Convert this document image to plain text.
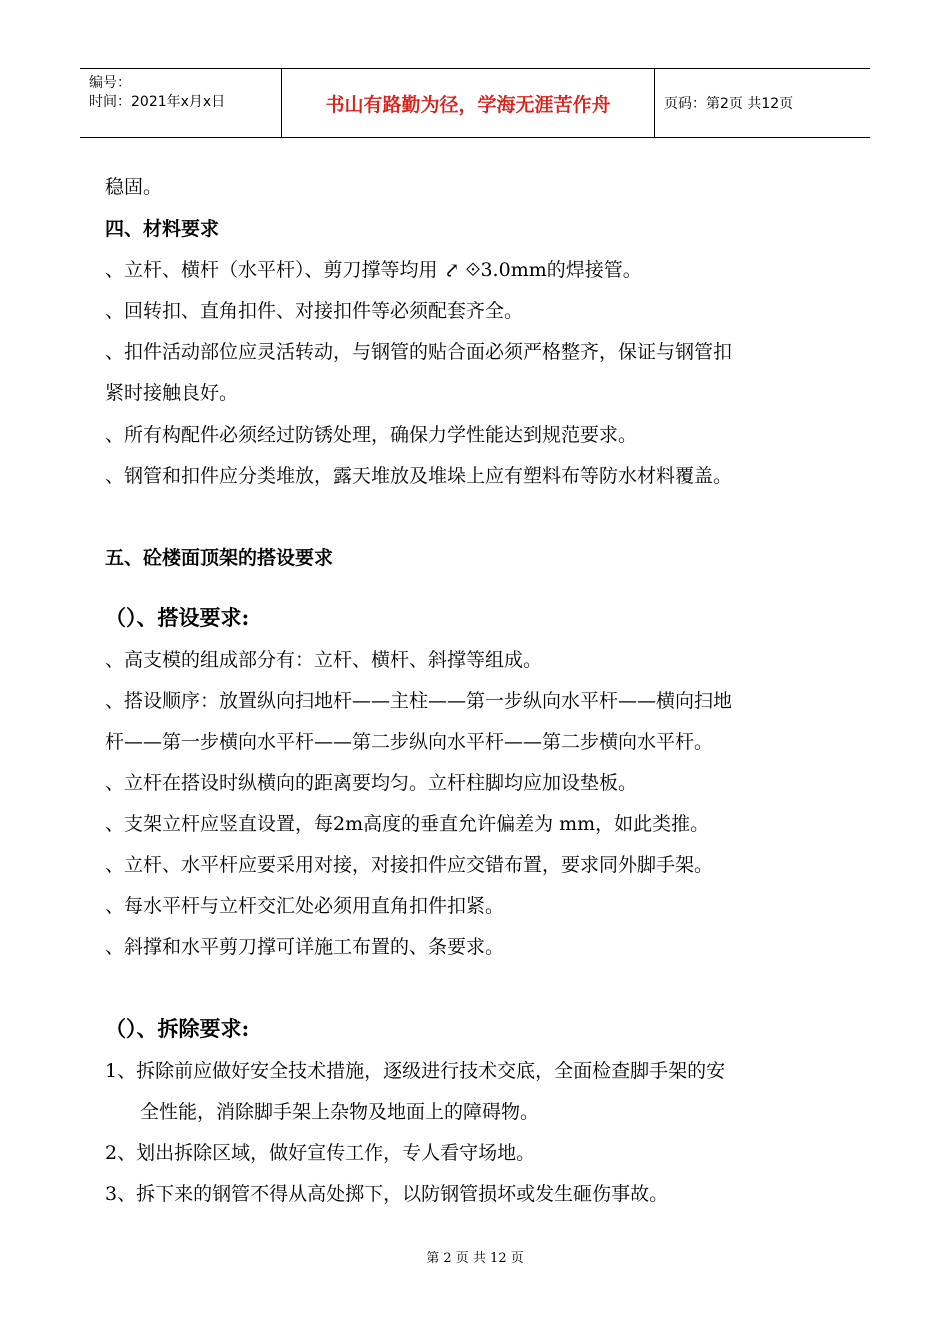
编号：
时间：2021年x月x日	书山有路勤为径，学海无涯苦作舟	页码：第2页 共12页
稳固。
四、材料要求
、立杆、横杆（水平杆）、剪刀撑等均用 ⤤ ⟐3.0mm的焊接管。
、回转扣、直角扣件、对接扣件等必须配套齐全。
、扣件活动部位应灵活转动，与钢管的贴合面必须严格整齐，保证与钢管扣
紧时接触良好。
、所有构配件必须经过防锈处理，确保力学性能达到规范要求。
、钢管和扣件应分类堆放，露天堆放及堆垛上应有塑料布等防水材料覆盖。
五、砼楼面顶架的搭设要求
（）、搭设要求:
、高支模的组成部分有：立杆、横杆、斜撑等组成。
、搭设顺序：放置纵向扫地杆——主柱——第一步纵向水平杆——横向扫地
杆——第一步横向水平杆——第二步纵向水平杆——第二步横向水平杆。
、立杆在搭设时纵横向的距离要均匀。立杆柱脚均应加设垫板。
、支架立杆应竖直设置，每2m高度的垂直允许偏差为 mm，如此类推。
、立杆、水平杆应要采用对接，对接扣件应交错布置，要求同外脚手架。
、每水平杆与立杆交汇处必须用直角扣件扣紧。
、斜撑和水平剪刀撑可详施工布置的、条要求。
（）、拆除要求:
1、拆除前应做好安全技术措施，逐级进行技术交底，全面检查脚手架的安
全性能，消除脚手架上杂物及地面上的障碍物。
2、划出拆除区域，做好宣传工作，专人看守场地。
3、拆下来的钢管不得从高处掷下，以防钢管损坏或发生砸伤事故。
第 2 页 共 12 页
